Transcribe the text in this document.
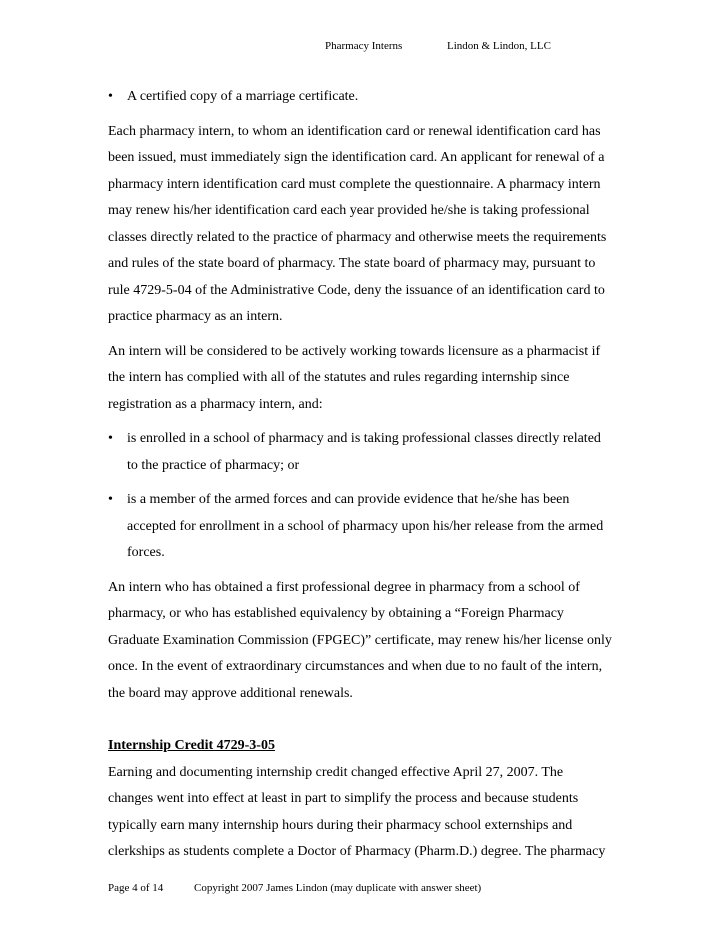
Pharmacy Interns	Lindon & Lindon, LLC
• A certified copy of a marriage certificate.
Each pharmacy intern, to whom an identification card or renewal identification card has
been issued, must immediately sign the identification card. An applicant for renewal of a
pharmacy intern identification card must complete the questionnaire. A pharmacy intern
may renew his/her identification card each year provided he/she is taking professional
classes directly related to the practice of pharmacy and otherwise meets the requirements
and rules of the state board of pharmacy. The state board of pharmacy may, pursuant to
rule 4729-5-04 of the Administrative Code, deny the issuance of an identification card to
practice pharmacy as an intern.
An intern will be considered to be actively working towards licensure as a pharmacist if
the intern has complied with all of the statutes and rules regarding internship since
registration as a pharmacy intern, and:
• is enrolled in a school of pharmacy and is taking professional classes directly related
to the practice of pharmacy; or
• is a member of the armed forces and can provide evidence that he/she has been
accepted for enrollment in a school of pharmacy upon his/her release from the armed
forces.
An intern who has obtained a first professional degree in pharmacy from a school of
pharmacy, or who has established equivalency by obtaining a “Foreign Pharmacy
Graduate Examination Commission (FPGEC)” certificate, may renew his/her license only
once. In the event of extraordinary circumstances and when due to no fault of the intern,
the board may approve additional renewals.
Internship Credit 4729-3-05
Earning and documenting internship credit changed effective April 27, 2007. The
changes went into effect at least in part to simplify the process and because students
typically earn many internship hours during their pharmacy school externships and
clerkships as students complete a Doctor of Pharmacy (Pharm.D.) degree. The pharmacy
Page 4 of 14	Copyright 2007 James Lindon (may duplicate with answer sheet)
